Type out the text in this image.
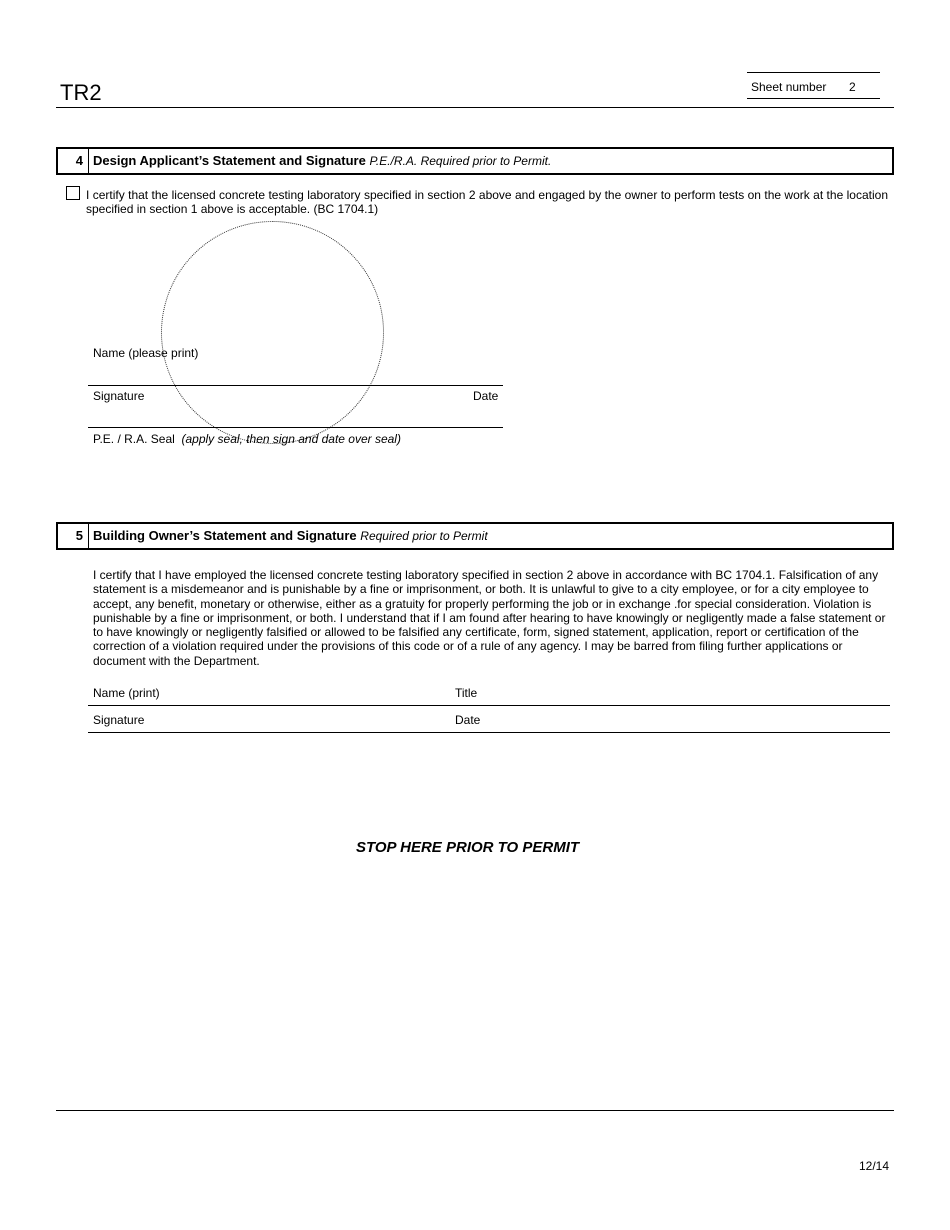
TR2	Sheet number 2
4 Design Applicant’s Statement and Signature P.E./R.A. Required prior to Permit.
I certify that the licensed concrete testing laboratory specified in section 2 above and engaged by the owner to perform tests on the work at the location specified in section 1 above is acceptable. (BC 1704.1)
Name (please print)
Signature	Date
P.E. / R.A. Seal (apply seal, then sign and date over seal)
5 Building Owner’s Statement and Signature Required prior to Permit
I certify that I have employed the licensed concrete testing laboratory specified in section 2 above in accordance with BC 1704.1. Falsification of any statement is a misdemeanor and is punishable by a fine or imprisonment, or both. It is unlawful to give to a city employee, or for a city employee to accept, any benefit, monetary or otherwise, either as a gratuity for properly performing the job or in exchange .for special consideration. Violation is punishable by a fine or imprisonment, or both. I understand that if I am found after hearing to have knowingly or negligently made a false statement or to have knowingly or negligently falsified or allowed to be falsified any certificate, form, signed statement, application, report or certification of the correction of a violation required under the provisions of this code or of a rule of any agency. I may be barred from filing further applications or document with the Department.
Name (print)	Title
Signature	Date
STOP HERE PRIOR TO PERMIT
12/14
